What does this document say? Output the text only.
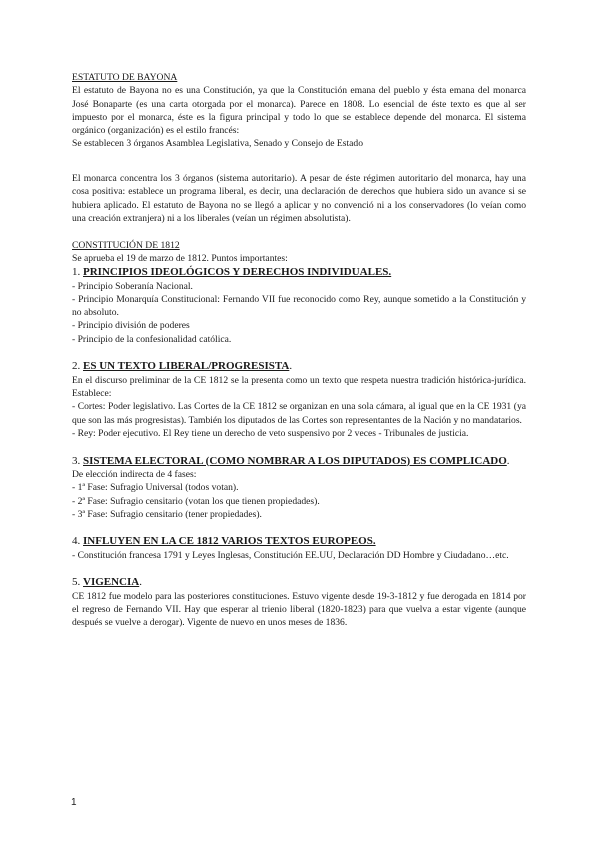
ESTATUTO DE BAYONA

El estatuto de Bayona no es una Constitución, ya que la Constitución emana del pueblo y ésta emana del monarca José Bonaparte (es una carta otorgada por el monarca). Parece en 1808. Lo esencial de éste texto es que al ser impuesto por el monarca, éste es la figura principal y todo lo que se establece depende del monarca. El sistema orgánico (organización) es el estilo francés:

Se establecen 3 órganos Asamblea Legislativa, Senado y Consejo de Estado

El monarca concentra los 3 órganos (sistema autoritario). A pesar de éste régimen autoritario del monarca, hay una cosa positiva: establece un programa liberal, es decir, una declaración de derechos que hubiera sido un avance si se hubiera aplicado. El estatuto de Bayona no se llegó a aplicar y no convenció ni a los conservadores (lo veían como una creación extranjera) ni a los liberales (veían un régimen absolutista).

CONSTITUCIÓN DE 1812

Se aprueba el 19 de marzo de 1812. Puntos importantes:

1. PRINCIPIOS IDEOLÓGICOS Y DERECHOS INDIVIDUALES.

- Principio Soberanía Nacional.

- Principio Monarquía Constitucional: Fernando VII fue reconocido como Rey, aunque sometido a la Constitución y no absoluto.

- Principio división de poderes

- Principio de la confesionalidad católica.

2. ES UN TEXTO LIBERAL/PROGRESISTA.

En el discurso preliminar de la CE 1812 se la presenta como un texto que respeta nuestra tradición histórica-jurídica. Establece:

- Cortes: Poder legislativo. Las Cortes de la CE 1812 se organizan en una sola cámara, al igual que en la CE 1931 (ya que son las más progresistas). También los diputados de las Cortes son representantes de la Nación y no mandatarios.

- Rey: Poder ejecutivo. El Rey tiene un derecho de veto suspensivo por 2 veces - Tribunales de justicia.

3. SISTEMA ELECTORAL (COMO NOMBRAR A LOS DIPUTADOS) ES COMPLICADO.

De elección indirecta de 4 fases:

- 1ª Fase: Sufragio Universal (todos votan).

- 2ª Fase: Sufragio censitario (votan los que tienen propiedades).

- 3ª Fase: Sufragio censitario (tener propiedades).

4. INFLUYEN EN LA CE 1812 VARIOS TEXTOS EUROPEOS.

- Constitución francesa 1791 y Leyes Inglesas, Constitución EE.UU, Declaración DD Hombre y Ciudadano…etc.

5. VIGENCIA.

CE 1812 fue modelo para las posteriores constituciones. Estuvo vigente desde 19-3-1812 y fue derogada en 1814 por el regreso de Fernando VII. Hay que esperar al trienio liberal (1820-1823) para que vuelva a estar vigente (aunque después se vuelve a derogar). Vigente de nuevo en unos meses de 1836.

1
